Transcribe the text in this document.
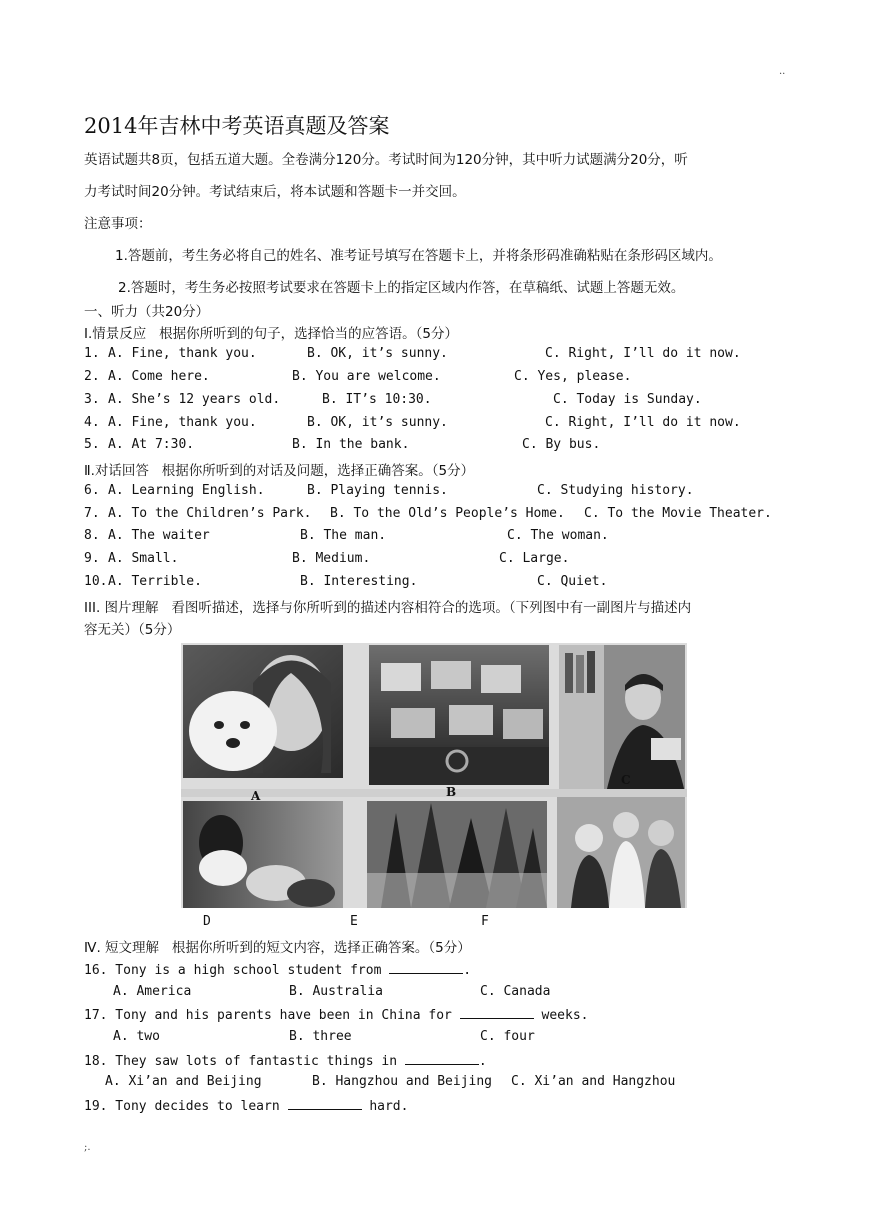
..
2014年吉林中考英语真题及答案
英语试题共8页，包括五道大题。全卷满分120分。考试时间为120分钟，其中听力试题满分20分，听
力考试时间20分钟。考试结束后，将本试题和答题卡一并交回。
注意事项：
1.答题前，考生务必将自己的姓名、准考证号填写在答题卡上，并将条形码准确粘贴在条形码区域内。
2.答题时，考生务必按照考试要求在答题卡上的指定区域内作答，在草稿纸、试题上答题无效。
一、听力（共20分）
Ⅰ.情景反应   根据你所听到的句子，选择恰当的应答语。（5分）
1. A. Fine, thank you.	B. OK, it’s sunny.	C. Right, I’ll do it now.
2. A. Come here.	B. You are welcome.	C. Yes, please.
3. A. She’s 12 years old.	B. IT’s 10:30.	C. Today is Sunday.
4. A. Fine, thank you.	B. OK, it’s sunny.	C. Right, I’ll do it now.
5. A. At 7:30.	B. In the bank.	C. By bus.
Ⅱ.对话回答   根据你所听到的对话及问题，选择正确答案。（5分）
6. A. Learning English.	B. Playing tennis.	C. Studying history.
7. A. To the Children’s Park. B. To the Old’s People’s Home. C. To the Movie Theater.
8. A. The waiter	B. The man.	C. The woman.
9. A. Small.	B. Medium.	C. Large.
10. A. Terrible.	B. Interesting.	C. Quiet.
III. 图片理解   看图听描述，选择与你所听到的描述内容相符合的选项。（下列图中有一副图片与描述内
容无关）（5分）
A	B
C
D	E	F
Ⅳ. 短文理解   根据你所听到的短文内容，选择正确答案。（5分）
16. Tony is a high school student from	.
A. America	B. Australia	C. Canada
17. Tony and his parents have been in China for	weeks.
A. two	B. three	C. four
18. They saw lots of fantastic things in	.
A. Xi’an and Beijing	B. Hangzhou and Beijing C. Xi’an and Hangzhou
19. Tony decides to learn	hard.
;.
